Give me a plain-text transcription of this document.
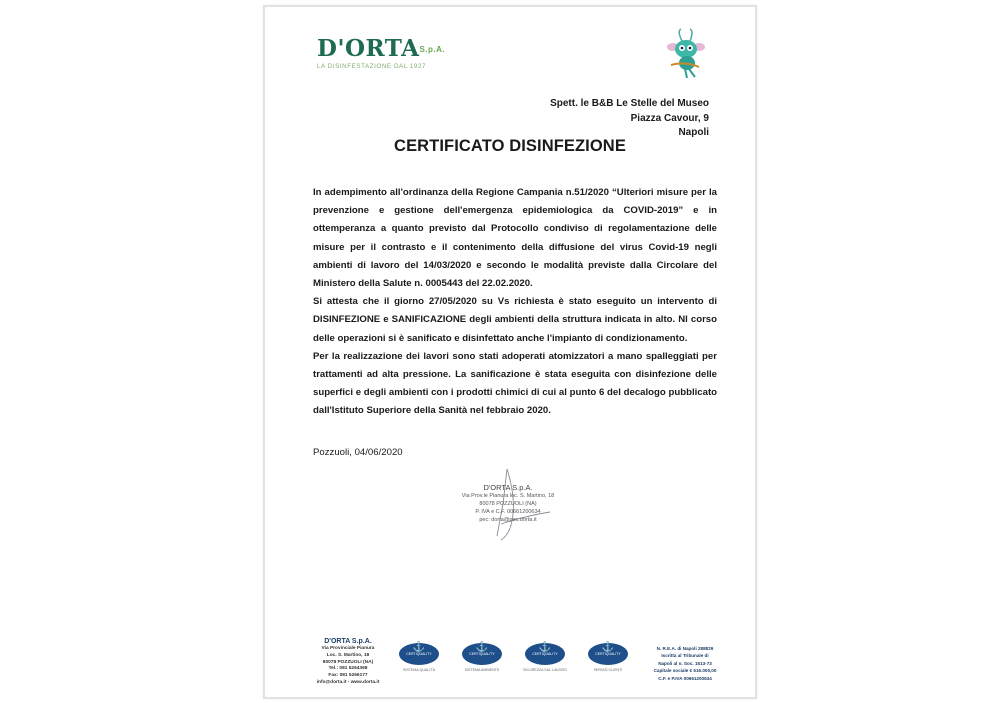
D'ORTAS.p.A.
LA DISINFESTAZIONE DAL 1927
Spett. le B&B Le Stelle del Museo
Piazza Cavour, 9
Napoli
CERTIFICATO DISINFEZIONE

In adempimento all'ordinanza della Regione Campania n.51/2020 “Ulteriori misure per la prevenzione e gestione dell'emergenza epidemiologica da COVID-2019” e in ottemperanza a quanto previsto dal Protocollo condiviso di regolamentazione delle misure per il contrasto e il contenimento della diffusione del virus Covid-19 negli ambienti di lavoro del 14/03/2020 e secondo le modalità previste dalla Circolare del Ministero della Salute n. 0005443 del 22.02.2020.

Si attesta che il giorno 27/05/2020 su Vs richiesta è stato eseguito un intervento di DISINFEZIONE e SANIFICAZIONE degli ambienti della struttura indicata in alto. Nl corso delle operazioni si è sanificato e disinfettato anche l'impianto di condizionamento.

Per la realizzazione dei lavori sono stati adoperati atomizzatori a mano spalleggiati per trattamenti ad alta pressione. La sanificazione è stata eseguita con disinfezione delle superfici e degli ambienti con i prodotti chimici di cui al punto 6 del decalogo pubblicato dall'Istituto Superiore della Sanità nel febbraio 2020.

Pozzuoli, 04/06/2020
D'ORTA S.p.A.
Via Prov.le Pianura loc. S. Martino, 18
80078 POZZUOLI (NA)
P. IVA e C.F. 00661200634
pec: dorta@pec.dorta.it
D'ORTA S.p.A.
Via Provinciale Pianura
Loc. S. Martino, 18
80078 POZZUOLI (NA)
Tel.: 081 5264368
Fax: 081 5266177
info@dorta.it - www.dorta.it
⚓
CERTIQUALITY
SISTEMA QUALITÀ
⚓
CERTIQUALITY
SISTEMA AMBIENTE
⚓
CERTIQUALITY
SICUREZZA SUL LAVORO
⚓
CERTIQUALITY
SERVIZI CLIENTI
N. R.E.A. di Napoli 288829
Iscritta al Tribunale di
Napoli al n. Soc. 1513-73
Capitale sociale € 516.000,00
C.F. e P.IVA 00661200634
